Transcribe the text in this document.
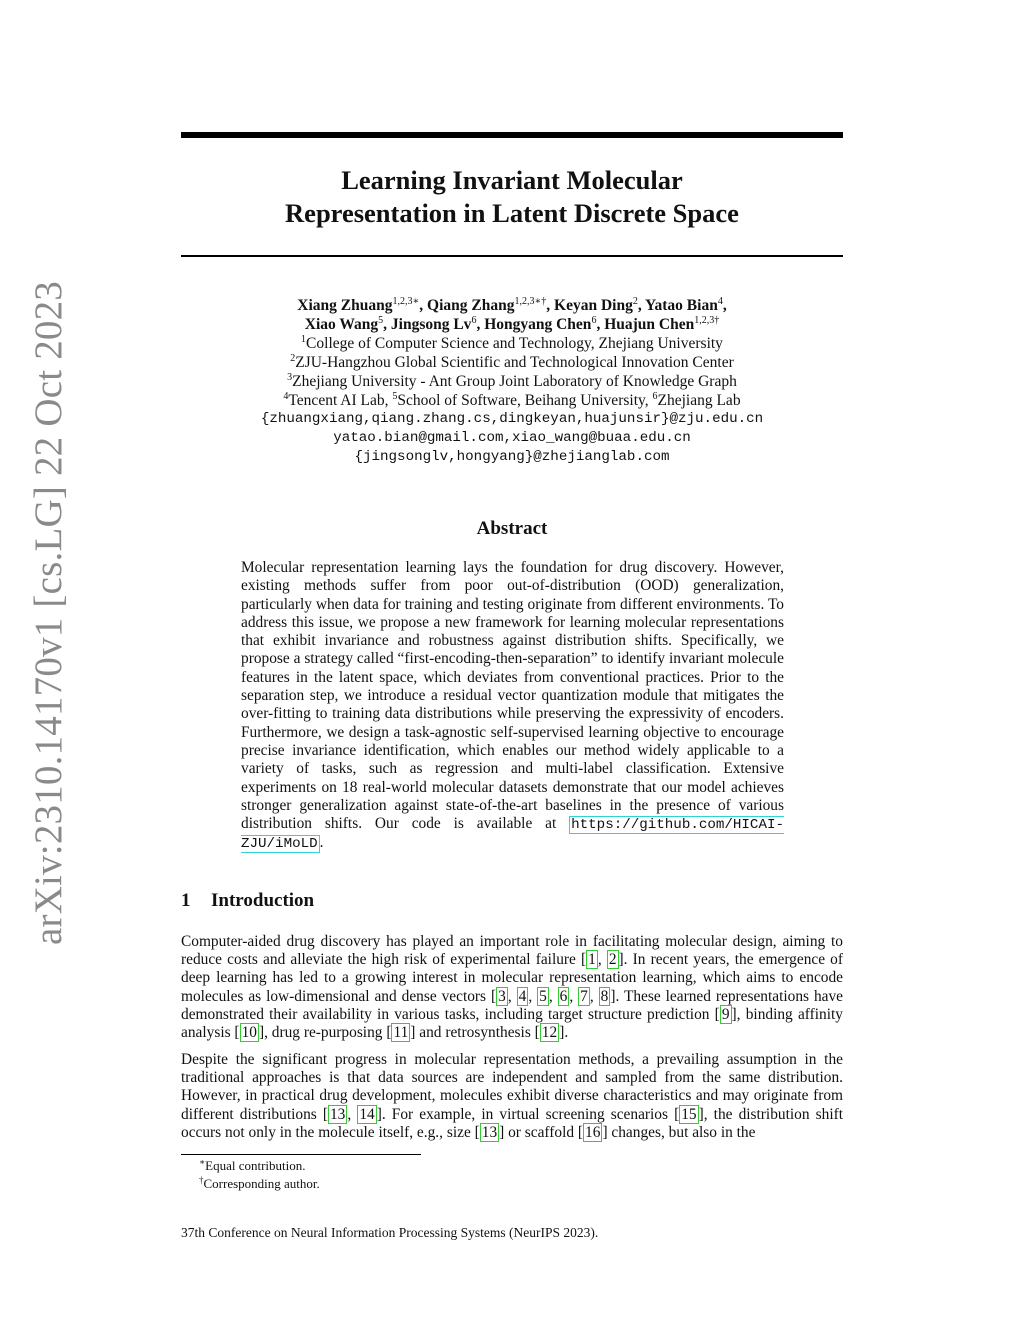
arXiv:2310.14170v1 [cs.LG] 22 Oct 2023
Learning Invariant Molecular
Representation in Latent Discrete Space
Xiang Zhuang$^{1,2,3∗}$, Qiang Zhang$^{1,2,3∗\dagger}$, Keyan Ding$^2$, Yatao Bian$^4$,
Xiao Wang$^5$, Jingsong Lv$^6$, Hongyang Chen$^6$, Huajun Chen$^{1,2,3\dagger}$
$^1$College of Computer Science and Technology, Zhejiang University
$^2$ZJU-Hangzhou Global Scientific and Technological Innovation Center
$^3$Zhejiang University - Ant Group Joint Laboratory of Knowledge Graph
$^4$Tencent AI Lab, $^5$School of Software, Beihang University, $^6$Zhejiang Lab
{zhuangxiang,qiang.zhang.cs,dingkeyan,huajunsir}@zju.edu.cn
yatao.bian@gmail.com,xiao_wang@buaa.edu.cn
{jingsonglv,hongyang}@zhejianglab.com
Abstract

Molecular representation learning lays the foundation for drug discovery. However, existing methods suffer from poor out-of-distribution (OOD) generalization, particularly when data for training and testing originate from different environments. To address this issue, we propose a new framework for learning molecular representations that exhibit invariance and robustness against distribution shifts. Specifically, we propose a strategy called “first-encoding-then-separation” to identify invariant molecule features in the latent space, which deviates from conventional practices. Prior to the separation step, we introduce a residual vector quantization module that mitigates the over-fitting to training data distributions while preserving the expressivity of encoders. Furthermore, we design a task-agnostic self-supervised learning objective to encourage precise invariance identification, which enables our method widely applicable to a variety of tasks, such as regression and multi-label classification. Extensive experiments on 18 real-world molecular datasets demonstrate that our model achieves stronger generalization against state-of-the-art baselines in the presence of various distribution shifts. Our code is available at https://github.com/HICAI-ZJU/iMoLD .

1 Introduction

Computer-aided drug discovery has played an important role in facilitating molecular design, aiming to reduce costs and alleviate the high risk of experimental failure [ 1 , 2 ]. In recent years, the emergence of deep learning has led to a growing interest in molecular representation learning, which aims to encode molecules as low-dimensional and dense vectors [ 3 , 4 , 5 , 6 , 7 , 8 ]. These learned representations have demonstrated their availability in various tasks, including target structure prediction [ 9 ], binding affinity analysis [ 10 ], drug re-purposing [ 11 ] and retrosynthesis [ 12 ].

Despite the significant progress in molecular representation methods, a prevailing assumption in the traditional approaches is that data sources are independent and sampled from the same distribution. However, in practical drug development, molecules exhibit diverse characteristics and may originate from different distributions [ 13 , 14 ]. For example, in virtual screening scenarios [ 15 ], the distribution shift occurs not only in the molecule itself, e.g., size [ 13 ] or scaffold [ 16 ] changes, but also in the

∗Equal contribution.

†Corresponding author.

37th Conference on Neural Information Processing Systems (NeurIPS 2023).
